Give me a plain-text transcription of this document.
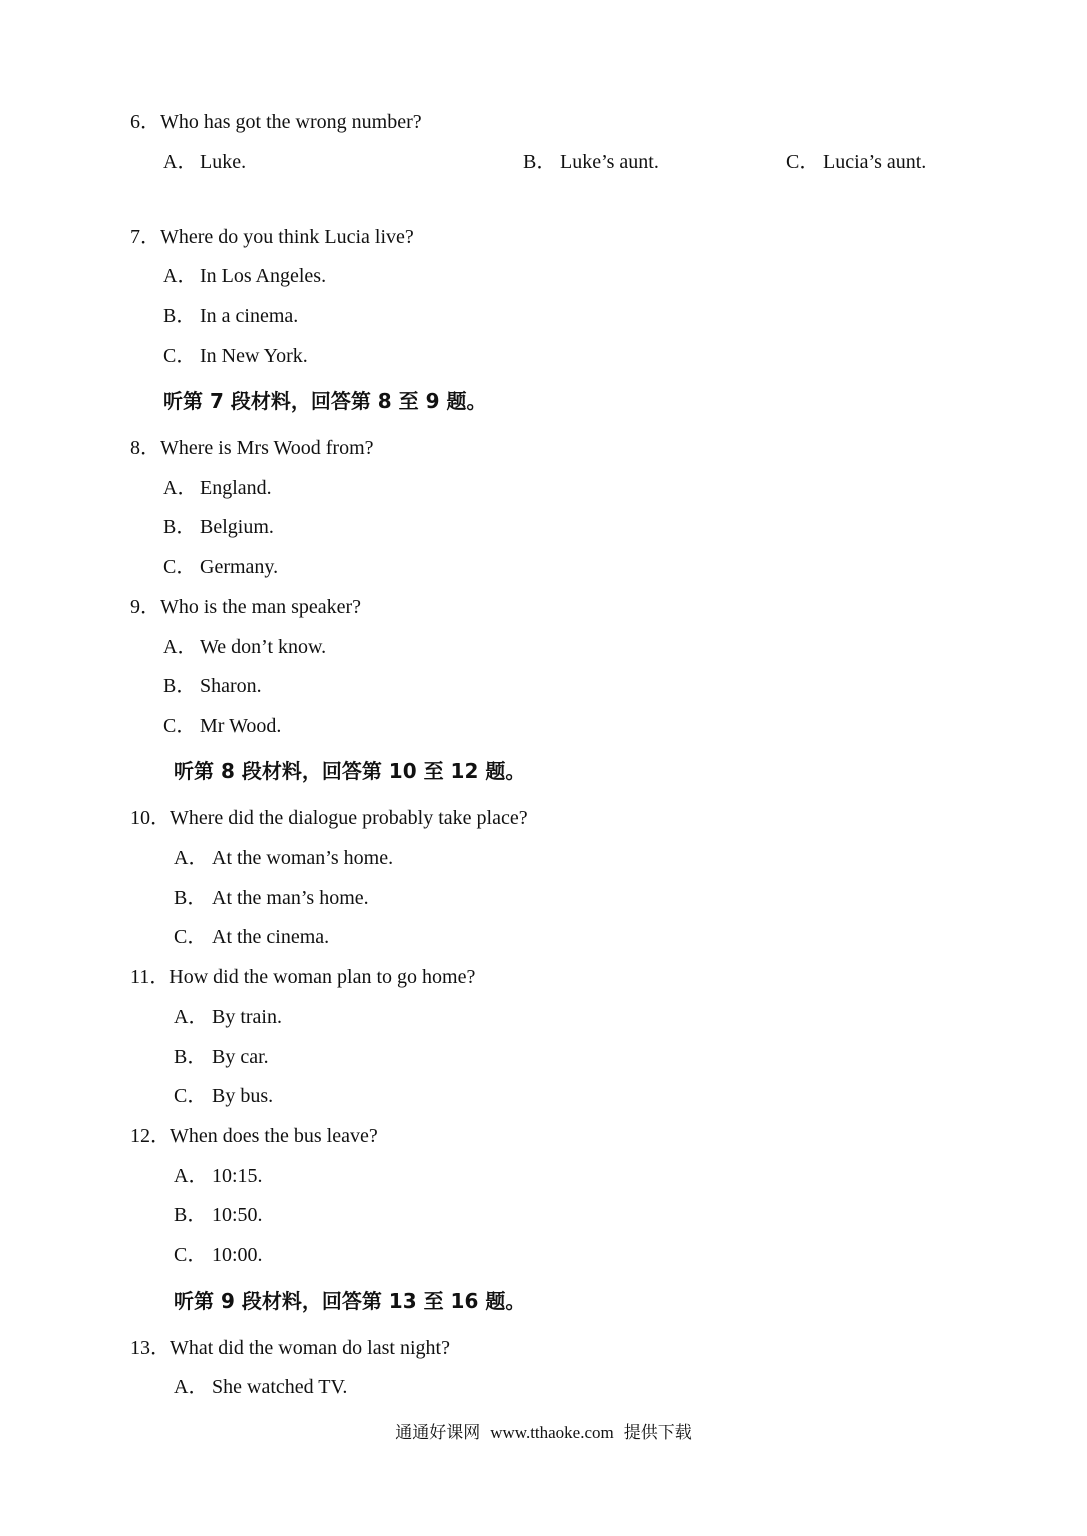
6．Who has got the wrong number?
A． Luke.	B． Luke’s aunt.	C． Lucia’s aunt.
7．Where do you think Lucia live?
A． In Los Angeles.
B． In a cinema.
C． In New York.
听第 7 段材料，回答第 8 至 9 题。
8．Where is Mrs Wood from?
A． England.
B． Belgium.
C． Germany.
9．Who is the man speaker?
A． We don’t know.
B． Sharon.
C． Mr Wood.
听第 8 段材料，回答第 10 至 12 题。
10．Where did the dialogue probably take place?
A． At the woman’s home.
B． At the man’s home.
C． At the cinema.
11．How did the woman plan to go home?
A． By train.
B． By car.
C． By bus.
12．When does the bus leave?
A． 10:15.
B． 10:50.
C． 10:00.
听第 9 段材料，回答第 13 至 16 题。
13．What did the woman do last night?
A． She watched TV.
通通好课网 www.tthaoke.com 提供下载
